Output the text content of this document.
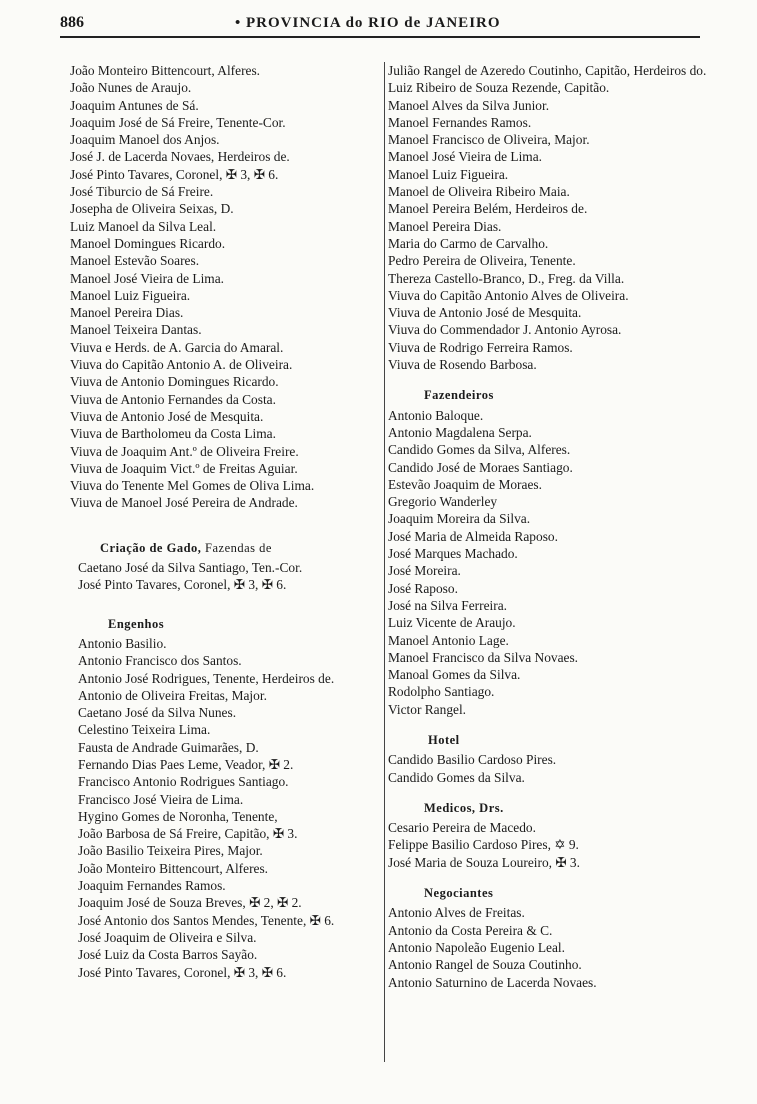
886	• PROVINCIA do RIO de JANEIRO
João Monteiro Bittencourt, Alferes.
João Nunes de Araujo.
Joaquim Antunes de Sá.
Joaquim José de Sá Freire, Tenente-Cor.
Joaquim Manoel dos Anjos.
José J. de Lacerda Novaes, Herdeiros de.
José Pinto Tavares, Coronel, ✠ 3, ✠ 6.
José Tiburcio de Sá Freire.
Josepha de Oliveira Seixas, D.
Luiz Manoel da Silva Leal.
Manoel Domingues Ricardo.
Manoel Estevão Soares.
Manoel José Vieira de Lima.
Manoel Luiz Figueira.
Manoel Pereira Dias.
Manoel Teixeira Dantas.
Viuva e Herds. de A. Garcia do Amaral.
Viuva do Capitão Antonio A. de Oliveira.
Viuva de Antonio Domingues Ricardo.
Viuva de Antonio Fernandes da Costa.
Viuva de Antonio José de Mesquita.
Viuva de Bartholomeu da Costa Lima.
Viuva de Joaquim Ant.º de Oliveira Freire.
Viuva de Joaquim Vict.º de Freitas Aguiar.
Viuva do Tenente Mel Gomes de Oliva Lima.
Viuva de Manoel José Pereira de Andrade.
Criação de Gado, Fazendas de
Caetano José da Silva Santiago, Ten.-Cor.
José Pinto Tavares, Coronel, ✠ 3, ✠ 6.
Engenhos
Antonio Basilio.
Antonio Francisco dos Santos.
Antonio José Rodrigues, Tenente, Herdeiros de.
Antonio de Oliveira Freitas, Major.
Caetano José da Silva Nunes.
Celestino Teixeira Lima.
Fausta de Andrade Guimarães, D.
Fernando Dias Paes Leme, Veador, ✠ 2.
Francisco Antonio Rodrigues Santiago.
Francisco José Vieira de Lima.
Hygino Gomes de Noronha, Tenente,
João Barbosa de Sá Freire, Capitão, ✠ 3.
João Basilio Teixeira Pires, Major.
João Monteiro Bittencourt, Alferes.
Joaquim Fernandes Ramos.
Joaquim José de Souza Breves, ✠ 2, ✠ 2.
José Antonio dos Santos Mendes, Tenente, ✠ 6.
José Joaquim de Oliveira e Silva.
José Luiz da Costa Barros Sayão.
José Pinto Tavares, Coronel, ✠ 3, ✠ 6.
Julião Rangel de Azeredo Coutinho, Capitão, Herdeiros do.
Luiz Ribeiro de Souza Rezende, Capitão.
Manoel Alves da Silva Junior.
Manoel Fernandes Ramos.
Manoel Francisco de Oliveira, Major.
Manoel José Vieira de Lima.
Manoel Luiz Figueira.
Manoel de Oliveira Ribeiro Maia.
Manoel Pereira Belém, Herdeiros de.
Manoel Pereira Dias.
Maria do Carmo de Carvalho.
Pedro Pereira de Oliveira, Tenente.
Thereza Castello-Branco, D., Freg. da Villa.
Viuva do Capitão Antonio Alves de Oliveira.
Viuva de Antonio José de Mesquita.
Viuva do Commendador J. Antonio Ayrosa.
Viuva de Rodrigo Ferreira Ramos.
Viuva de Rosendo Barbosa.
Fazendeiros
Antonio Baloque.
Antonio Magdalena Serpa.
Candido Gomes da Silva, Alferes.
Candido José de Moraes Santiago.
Estevão Joaquim de Moraes.
Gregorio Wanderley
Joaquim Moreira da Silva.
José Maria de Almeida Raposo.
José Marques Machado.
José Moreira.
José Raposo.
José na Silva Ferreira.
Luiz Vicente de Araujo.
Manoel Antonio Lage.
Manoel Francisco da Silva Novaes.
Manoal Gomes da Silva.
Rodolpho Santiago.
Victor Rangel.
Hotel
Candido Basilio Cardoso Pires.
Candido Gomes da Silva.
Medicos, Drs.
Cesario Pereira de Macedo.
Felippe Basilio Cardoso Pires, ✡ 9.
José Maria de Souza Loureiro, ✠ 3.
Negociantes
Antonio Alves de Freitas.
Antonio da Costa Pereira & C.
Antonio Napoleão Eugenio Leal.
Antonio Rangel de Souza Coutinho.
Antonio Saturnino de Lacerda Novaes.
